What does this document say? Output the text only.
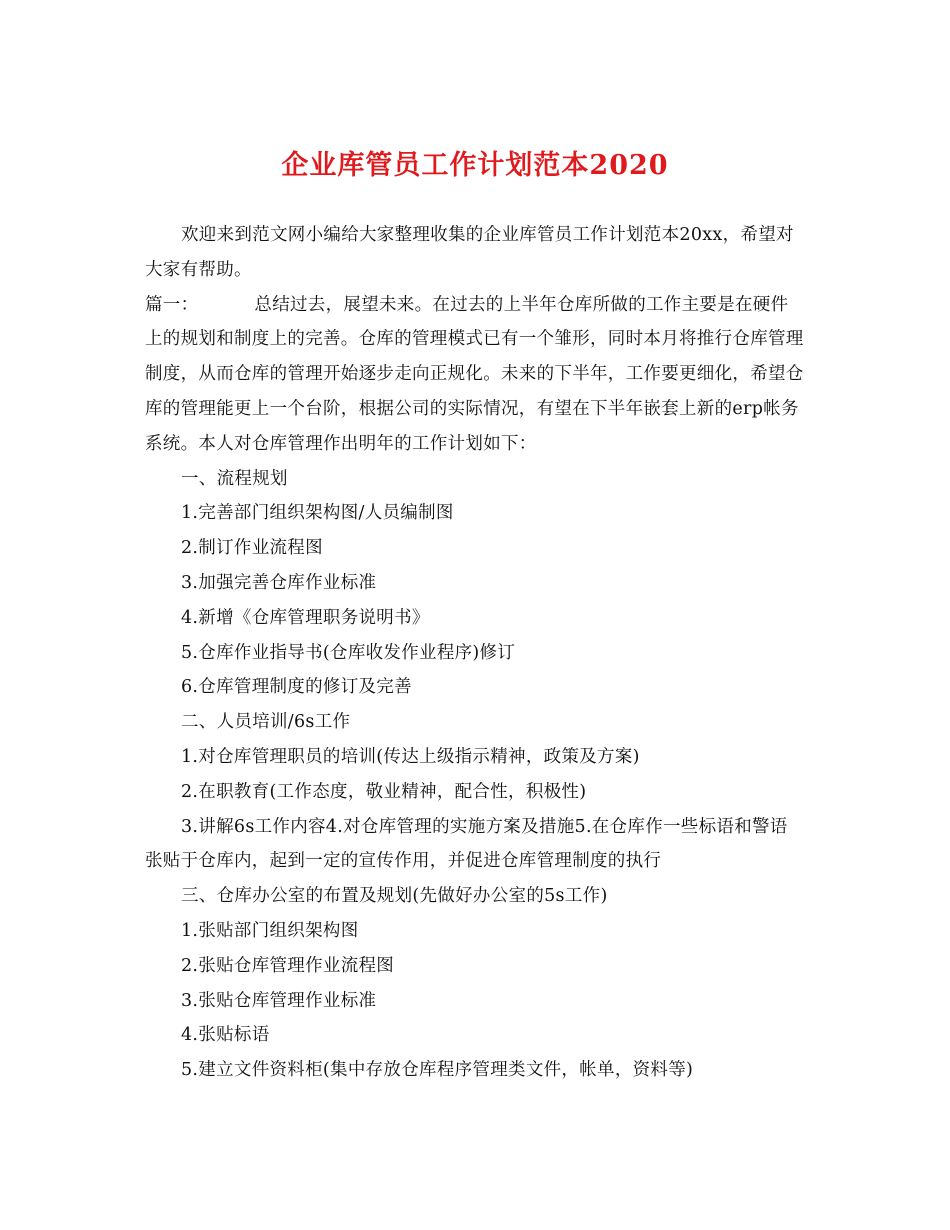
企业库管员工作计划范本2020

欢迎来到范文网小编给大家整理收集的企业库管员工作计划范本20xx，希望对大家有帮助。

篇一：	总结过去，展望未来。在过去的上半年仓库所做的工作主要是在硬件上的规划和制度上的完善。仓库的管理模式已有一个雏形，同时本月将推行仓库管理制度，从而仓库的管理开始逐步走向正规化。未来的下半年，工作要更细化，希望仓库的管理能更上一个台阶，根据公司的实际情况，有望在下半年嵌套上新的erp帐务系统。本人对仓库管理作出明年的工作计划如下：

一、流程规划

1.完善部门组织架构图/人员编制图

2.制订作业流程图

3.加强完善仓库作业标准

4.新增《仓库管理职务说明书》

5.仓库作业指导书(仓库收发作业程序)修订

6.仓库管理制度的修订及完善

二、人员培训/6s工作

1.对仓库管理职员的培训(传达上级指示精神，政策及方案)

2.在职教育(工作态度，敬业精神，配合性，积极性)

3.讲解6s工作内容4.对仓库管理的实施方案及措施5.在仓库作一些标语和警语张贴于仓库内，起到一定的宣传作用，并促进仓库管理制度的执行

三、仓库办公室的布置及规划(先做好办公室的5s工作)

1.张贴部门组织架构图

2.张贴仓库管理作业流程图

3.张贴仓库管理作业标准

4.张贴标语

5.建立文件资料柜(集中存放仓库程序管理类文件，帐单，资料等)
